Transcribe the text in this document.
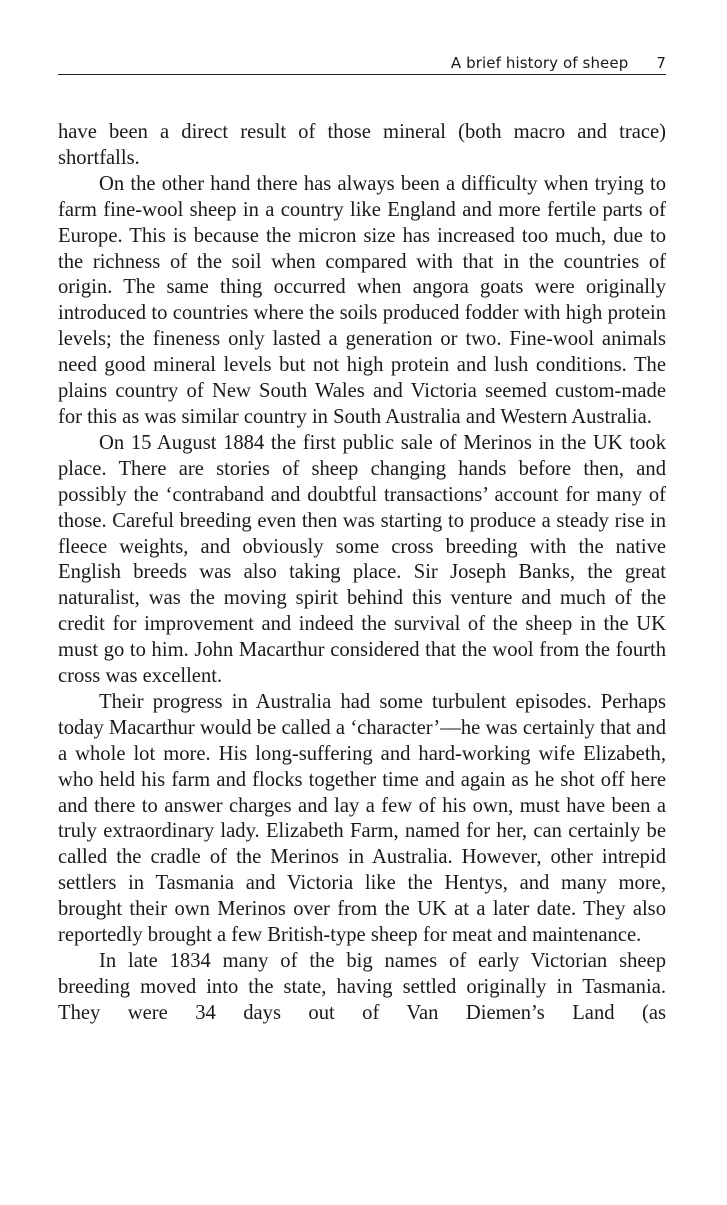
A brief history of sheep 7

have been a direct result of those mineral (both macro and trace) shortfalls.

On the other hand there has always been a difficulty when trying to farm fine-wool sheep in a country like England and more fertile parts of Europe. This is because the micron size has increased too much, due to the richness of the soil when compared with that in the countries of origin. The same thing occurred when angora goats were originally introduced to countries where the soils produced fodder with high protein levels; the fineness only lasted a generation or two. Fine-wool animals need good mineral levels but not high protein and lush conditions. The plains country of New South Wales and Victoria seemed custom-made for this as was similar country in South Australia and Western Australia.

On 15 August 1884 the first public sale of Merinos in the UK took place. There are stories of sheep changing hands before then, and possibly the ‘contraband and doubtful transactions’ account for many of those. Careful breeding even then was starting to produce a steady rise in fleece weights, and obviously some cross breeding with the native English breeds was also taking place. Sir Joseph Banks, the great naturalist, was the moving spirit behind this venture and much of the credit for improvement and indeed the survival of the sheep in the UK must go to him. John Macarthur considered that the wool from the fourth cross was excellent.

Their progress in Australia had some turbulent episodes. Perhaps today Macarthur would be called a ‘character’—he was certainly that and a whole lot more. His long-suffering and hard-working wife Elizabeth, who held his farm and flocks together time and again as he shot off here and there to answer charges and lay a few of his own, must have been a truly extraordinary lady. Elizabeth Farm, named for her, can certainly be called the cradle of the Merinos in Australia. However, other intrepid settlers in Tasmania and Victoria like the Hentys, and many more, brought their own Merinos over from the UK at a later date. They also reportedly brought a few British-type sheep for meat and maintenance.

In late 1834 many of the big names of early Victorian sheep breeding moved into the state, having settled originally in Tasmania. They were 34 days out of Van Diemen’s Land (as
